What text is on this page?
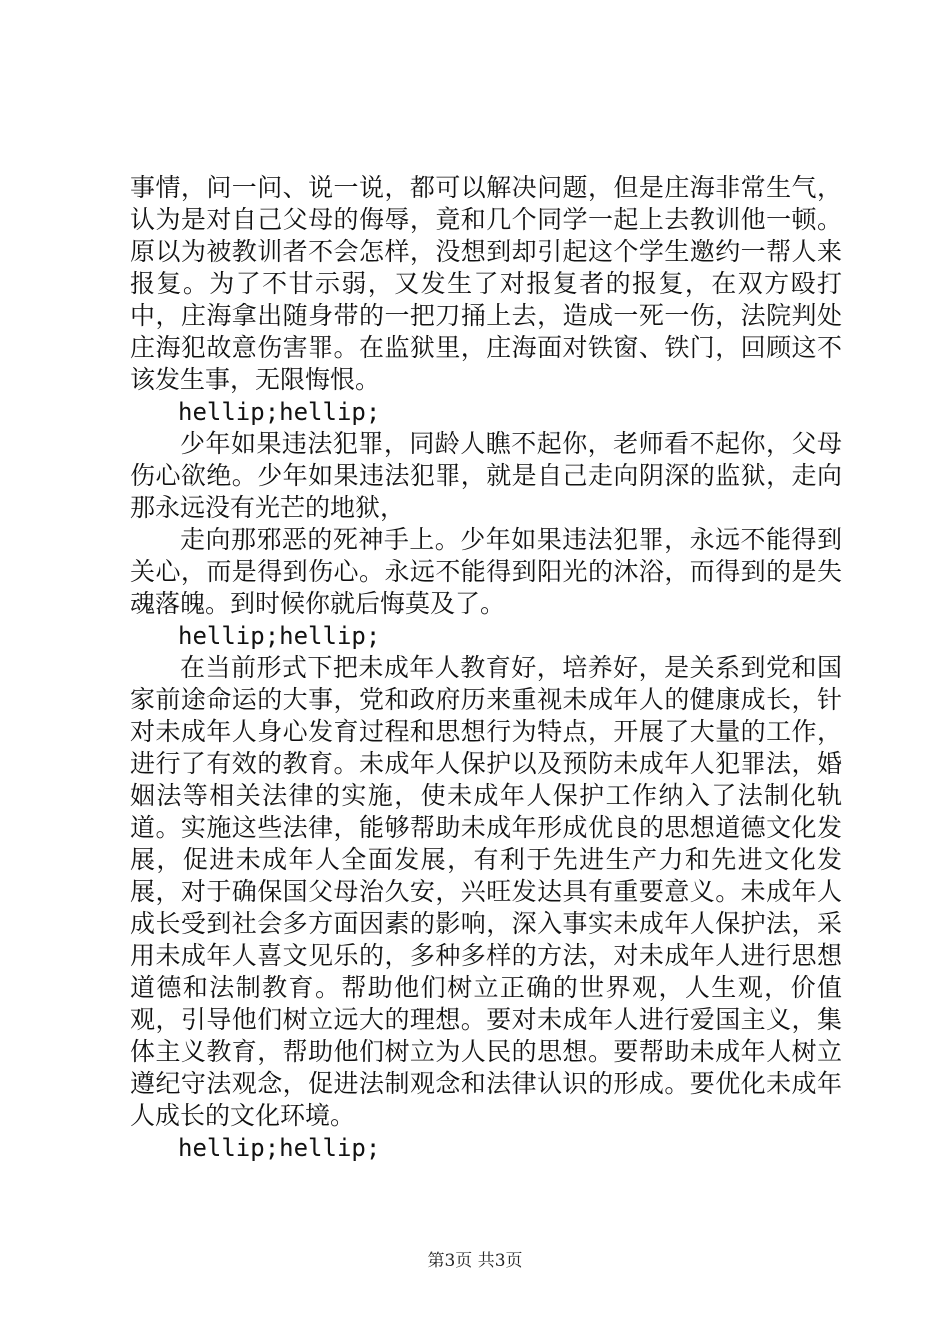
事情，问一问、说一说，都可以解决问题，但是庄海非常生气，认为是对自己父母的侮辱，竟和几个同学一起上去教训他一顿。原以为被教训者不会怎样，没想到却引起这个学生邀约一帮人来报复。为了不甘示弱，又发生了对报复者的报复，在双方殴打中，庄海拿出随身带的一把刀捅上去，造成一死一伤，法院判处庄海犯故意伤害罪。在监狱里，庄海面对铁窗、铁门，回顾这不该发生事，无限悔恨。

hellip;hellip;

少年如果违法犯罪，同龄人瞧不起你，老师看不起你，父母伤心欲绝。少年如果违法犯罪，就是自己走向阴深的监狱，走向那永远没有光芒的地狱，

走向那邪恶的死神手上。少年如果违法犯罪，永远不能得到关心，而是得到伤心。永远不能得到阳光的沐浴，而得到的是失魂落魄。到时候你就后悔莫及了。

hellip;hellip;

在当前形式下把未成年人教育好，培养好，是关系到党和国家前途命运的大事，党和政府历来重视未成年人的健康成长，针对未成年人身心发育过程和思想行为特点，开展了大量的工作，进行了有效的教育。未成年人保护以及预防未成年人犯罪法，婚姻法等相关法律的实施，使未成年人保护工作纳入了法制化轨道。实施这些法律，能够帮助未成年形成优良的思想道德文化发展，促进未成年人全面发展，有利于先进生产力和先进文化发展，对于确保国父母治久安，兴旺发达具有重要意义。未成年人成长受到社会多方面因素的影响，深入事实未成年人保护法，采用未成年人喜文见乐的，多种多样的方法，对未成年人进行思想道德和法制教育。帮助他们树立正确的世界观，人生观，价值观，引导他们树立远大的理想。要对未成年人进行爱国主义，集体主义教育，帮助他们树立为人民的思想。要帮助未成年人树立遵纪守法观念，促进法制观念和法律认识的形成。要优化未成年人成长的文化环境。

hellip;hellip;

第3页 共3页
